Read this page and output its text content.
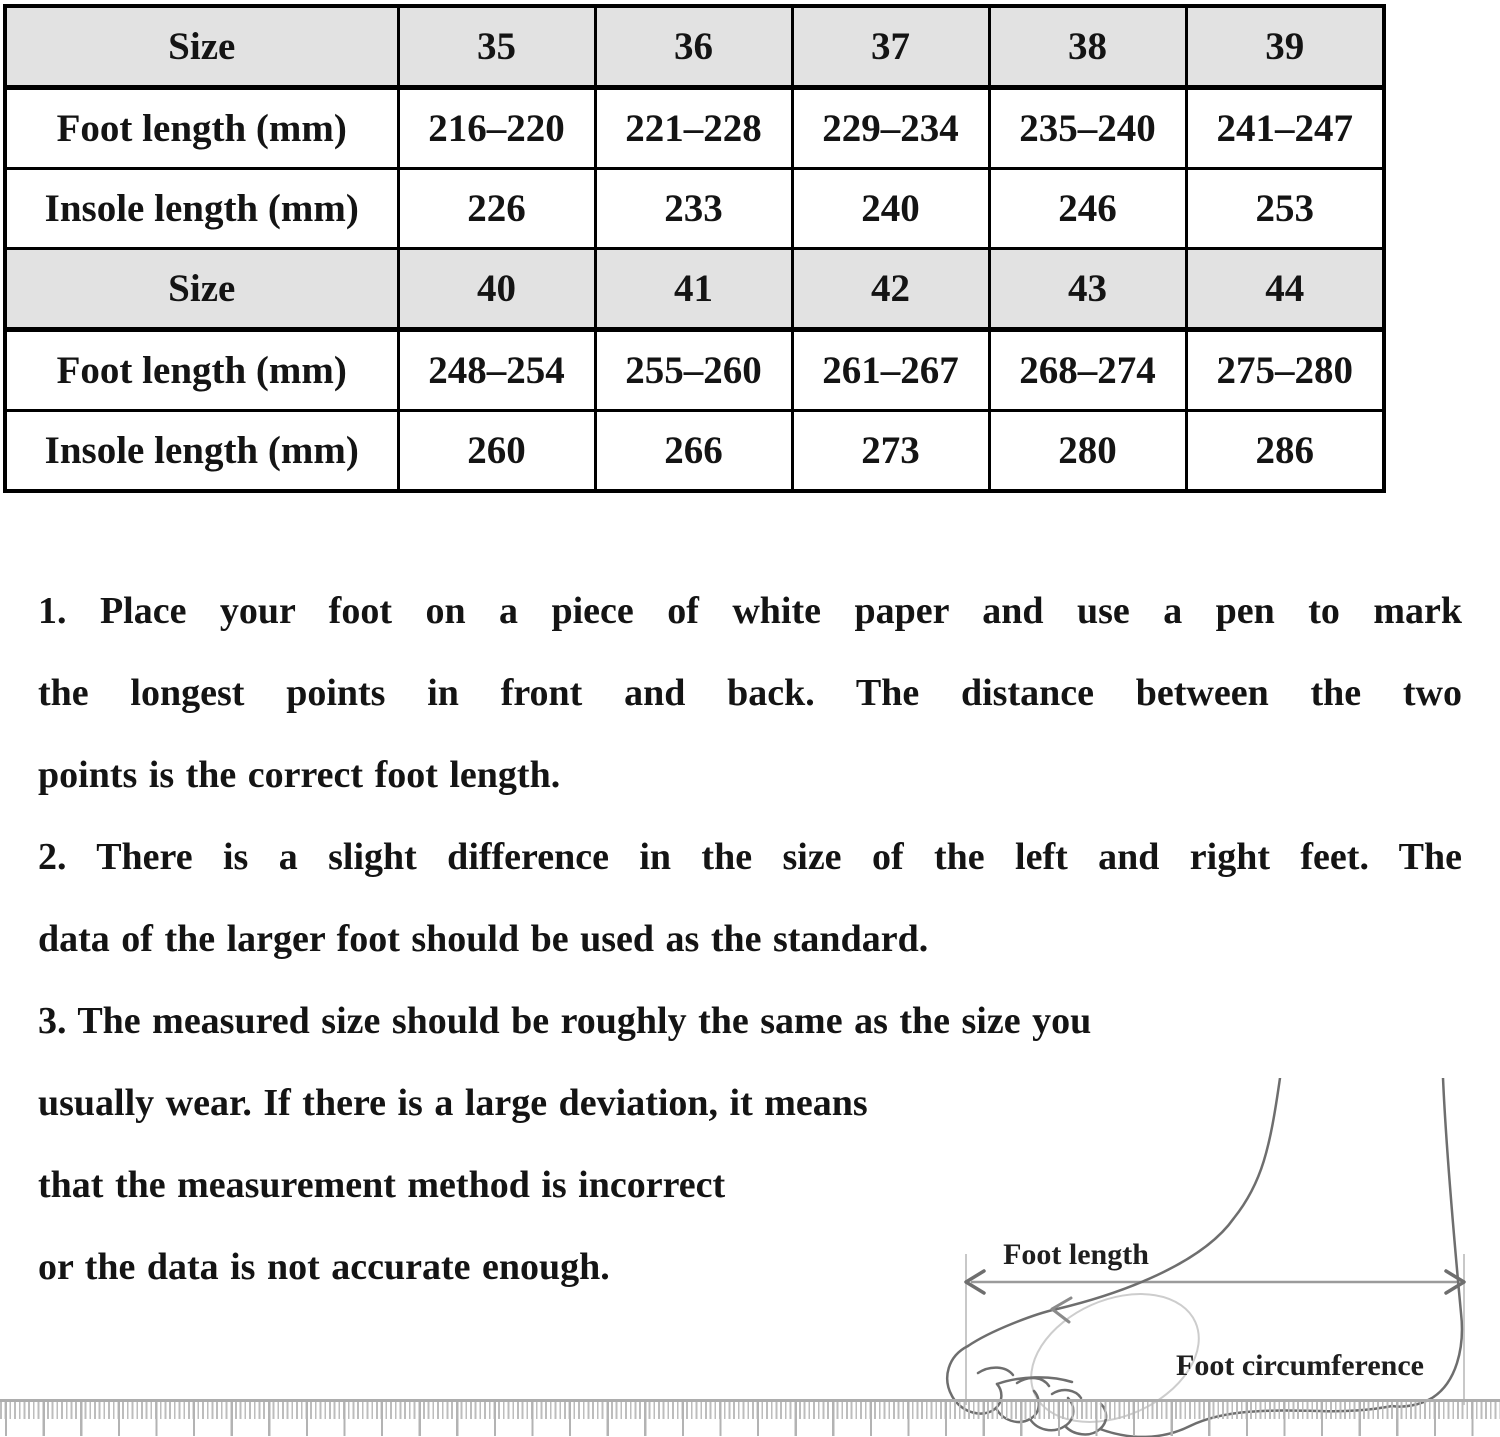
Size	35	36	37	38	39
Foot length (mm)	216–220	221–228	229–234	235–240	241–247
Insole length (mm)	226	233	240	246	253
Size	40	41	42	43	44
Foot length (mm)	248–254	255–260	261–267	268–274	275–280
Insole length (mm)	260	266	273	280	286
1. Place your foot on a piece of white paper and use a pen to mark
the longest points in front and back. The distance between the two
points is the correct foot length.
2. There is a slight difference in the size of the left and right feet. The
data of the larger foot should be used as the standard.
3. The measured size should be roughly the same as the size you
usually wear. If there is a large deviation, it means
that the measurement method is incorrect
or the data is not accurate enough.	Foot length
Foot circumference
